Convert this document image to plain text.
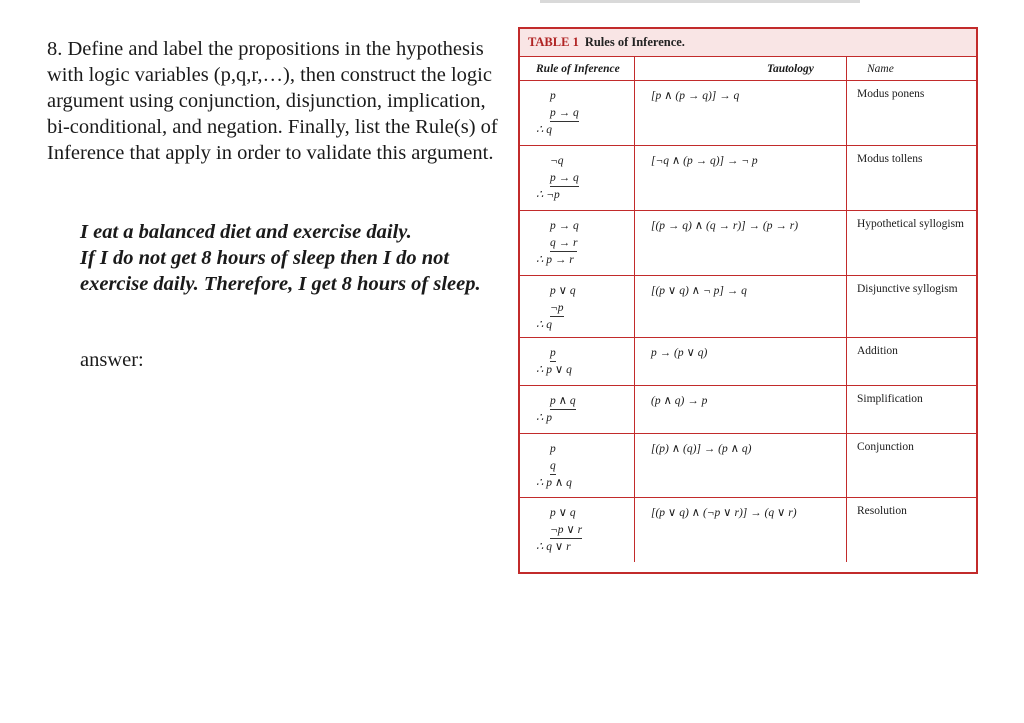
8. Define and label the propositions in the hypothesis with logic variables (p,q,r,…), then construct the logic argument using conjunction, disjunction, implication, bi-conditional, and negation. Finally, list the Rule(s) of Inference that apply in order to validate this argument.

I eat a balanced diet and exercise daily.

If I do not get 8 hours of sleep then I do not exercise daily. Therefore, I get 8 hours of sleep.

answer:
TABLE 1 Rules of Inference.
Rule of Inference	Tautology	Name
p
p → q
∴ q
[p ∧ (p → q)] → q	Modus ponens
¬q
p → q
∴ ¬p
[¬q ∧ (p → q)] → ¬ p	Modus tollens
p → q
q → r
∴ p → r
[(p → q) ∧ (q → r)] → (p → r)	Hypothetical syllogism
p ∨ q
¬p
∴ q
[(p ∨ q) ∧ ¬ p] → q	Disjunctive syllogism
p
∴ p ∨ q
p → (p ∨ q)	Addition
p ∧ q
∴ p
(p ∧ q) → p	Simplification
p
q
∴ p ∧ q
[(p) ∧ (q)] → (p ∧ q)	Conjunction
p ∨ q
¬p ∨ r
∴ q ∨ r
[(p ∨ q) ∧ (¬p ∨ r)] → (q ∨ r)	Resolution
